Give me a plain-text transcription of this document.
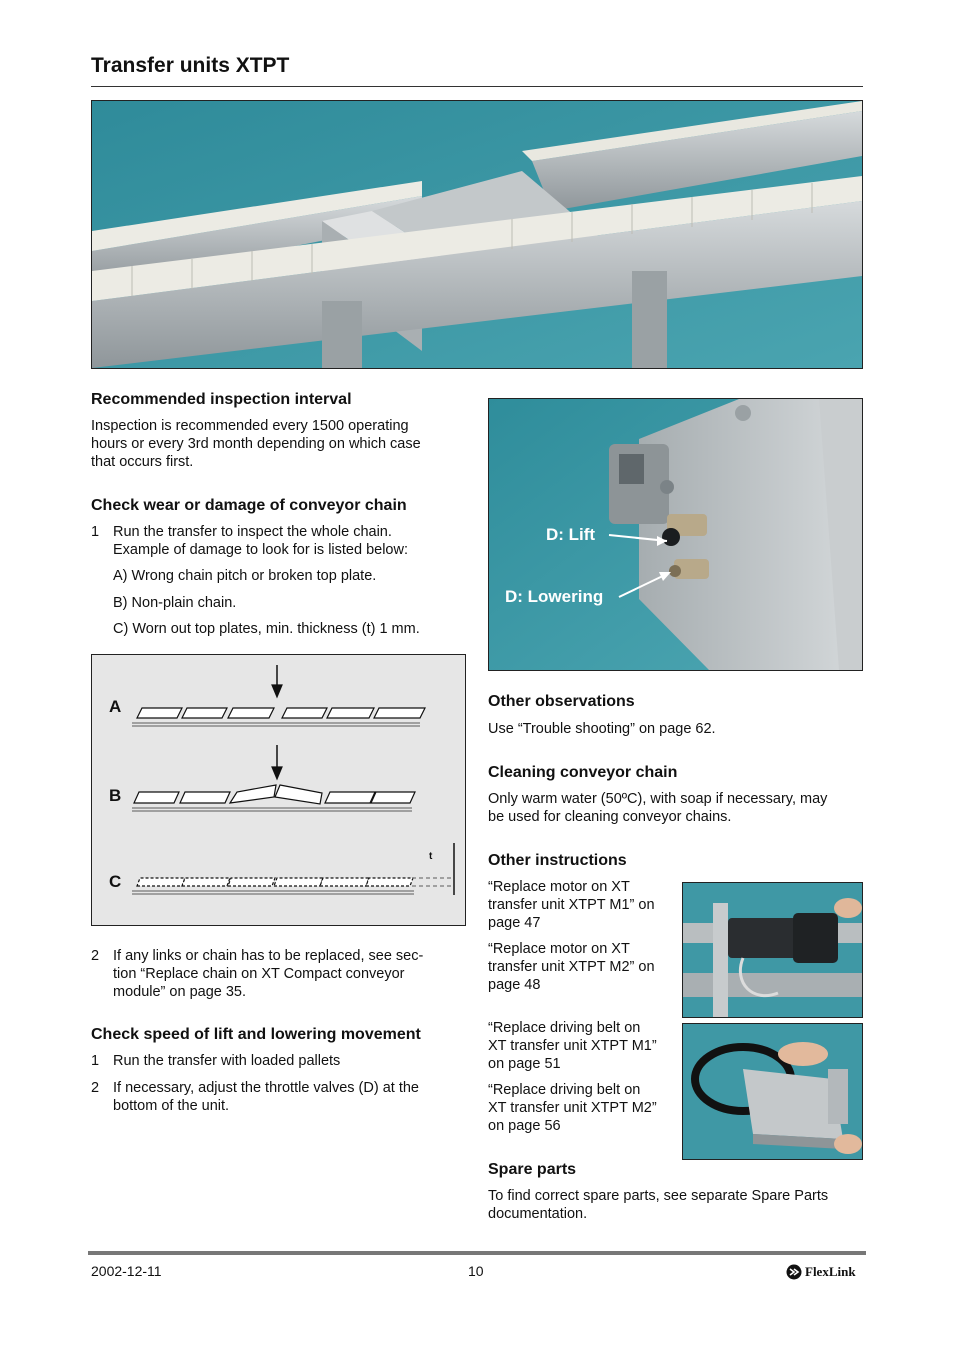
Transfer units XTPT
Recommended inspection interval
Inspection is recommended every 1500 operating
hours or every 3rd month depending on which case
that occurs first.
Check wear or damage of conveyor chain
1 Run the transfer to inspect the whole chain.
Example of damage to look for is listed below:
A) Wrong chain pitch or broken top plate.
B) Non-plain chain.
C) Worn out top plates, min. thickness (t) 1 mm.
A
B
C
t
2 If any links or chain has to be replaced, see sec-
tion “Replace chain on XT Compact conveyor
module” on page 35.
Check speed of lift and lowering movement
1 Run the transfer with loaded pallets
2 If necessary, adjust the throttle valves (D) at the
bottom of the unit.
D: Lift
D: Lowering
Other observations
Use “Trouble shooting” on page 62.
Cleaning conveyor chain
Only warm water (50ºC), with soap if necessary, may
be used for cleaning conveyor chains.
Other instructions
“Replace motor on XT
transfer unit XTPT M1” on
page 47
“Replace motor on XT
transfer unit XTPT M2” on
page 48
“Replace driving belt on
XT transfer unit XTPT M1”
on page 51
“Replace driving belt on
XT transfer unit XTPT M2”
on page 56
Spare parts
To find correct spare parts, see separate Spare Parts
documentation.
2002-12-11	10	FlexLink
